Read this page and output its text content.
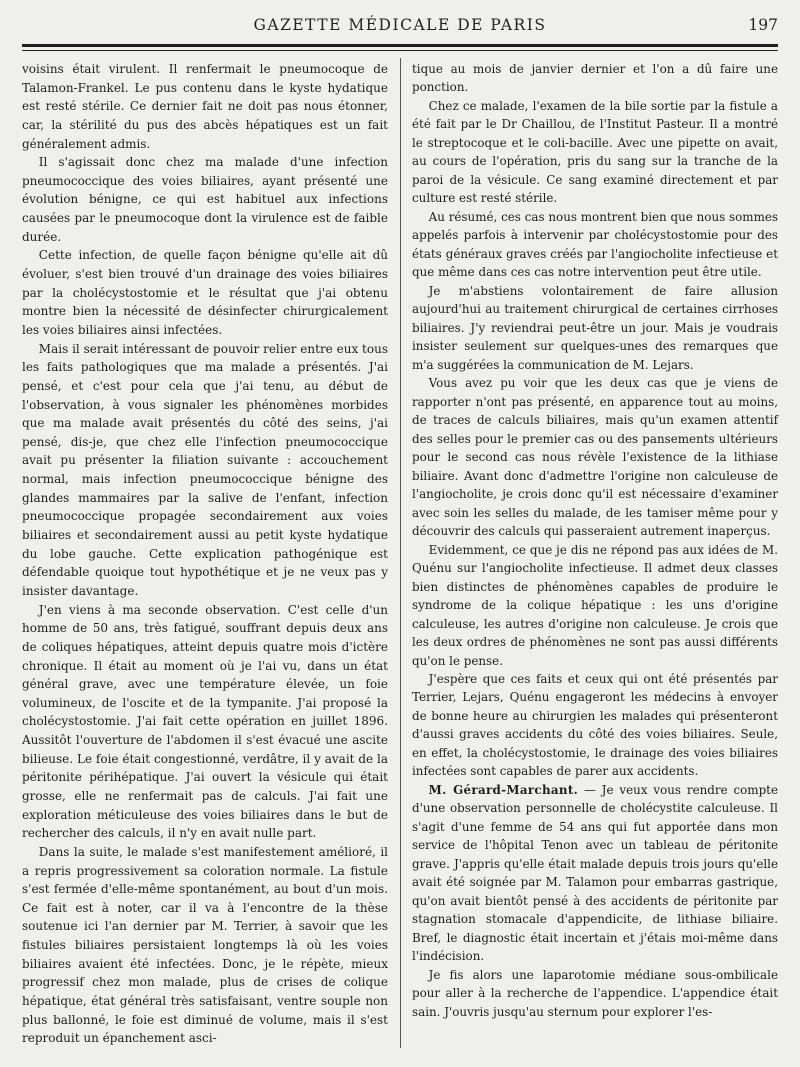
GAZETTE MÉDICALE DE PARIS	197

voisins était virulent. Il renfermait le pneumocoque de Talamon-Frankel. Le pus contenu dans le kyste hydatique est resté stérile. Ce dernier fait ne doit pas nous étonner, car, la stérilité du pus des abcès hépatiques est un fait généralement admis.

Il s'agissait donc chez ma malade d'une infection pneumococcique des voies biliaires, ayant présenté une évolution bénigne, ce qui est habituel aux infections causées par le pneumocoque dont la virulence est de faible durée.

Cette infection, de quelle façon bénigne qu'elle ait dû évoluer, s'est bien trouvé d'un drainage des voies biliaires par la cholécystostomie et le résultat que j'ai obtenu montre bien la nécessité de désinfecter chirurgicalement les voies biliaires ainsi infectées.

Mais il serait intéressant de pouvoir relier entre eux tous les faits pathologiques que ma malade a présentés. J'ai pensé, et c'est pour cela que j'ai tenu, au début de l'observation, à vous signaler les phénomènes morbides que ma malade avait présentés du côté des seins, j'ai pensé, dis-je, que chez elle l'infection pneumococcique avait pu présenter la filiation suivante : accouchement normal, mais infection pneumococcique bénigne des glandes mammaires par la salive de l'enfant, infection pneumococcique propagée secondairement aux voies biliaires et secondairement aussi au petit kyste hydatique du lobe gauche. Cette explication pathogénique est défendable quoique tout hypothétique et je ne veux pas y insister davantage.

J'en viens à ma seconde observation. C'est celle d'un homme de 50 ans, très fatigué, souffrant depuis deux ans de coliques hépatiques, atteint depuis quatre mois d'ictère chronique. Il était au moment où je l'ai vu, dans un état général grave, avec une température élevée, un foie volumineux, de l'oscite et de la tympanite. J'ai proposé la cholécystostomie. J'ai fait cette opération en juillet 1896. Aussitôt l'ouverture de l'abdomen il s'est évacué une ascite bilieuse. Le foie était congestionné, verdâtre, il y avait de la péritonite périhépatique. J'ai ouvert la vésicule qui était grosse, elle ne renfermait pas de calculs. J'ai fait une exploration méticuleuse des voies biliaires dans le but de rechercher des calculs, il n'y en avait nulle part.

Dans la suite, le malade s'est manifestement amélioré, il a repris progressivement sa coloration normale. La fistule s'est fermée d'elle-même spontanément, au bout d'un mois. Ce fait est à noter, car il va à l'encontre de la thèse soutenue ici l'an dernier par M. Terrier, à savoir que les fistules biliaires persistaient longtemps là où les voies biliaires avaient été infectées. Donc, je le répète, mieux progressif chez mon malade, plus de crises de colique hépatique, état général très satisfaisant, ventre souple non plus ballonné, le foie est diminué de volume, mais il s'est reproduit un épanchement asci-

tique au mois de janvier dernier et l'on a dû faire une ponction.

Chez ce malade, l'examen de la bile sortie par la fistule a été fait par le Dr Chaillou, de l'Institut Pasteur. Il a montré le streptocoque et le coli-bacille. Avec une pipette on avait, au cours de l'opération, pris du sang sur la tranche de la paroi de la vésicule. Ce sang examiné directement et par culture est resté stérile.

Au résumé, ces cas nous montrent bien que nous sommes appelés parfois à intervenir par cholécystostomie pour des états généraux graves créés par l'angiocholite infectieuse et que même dans ces cas notre intervention peut être utile.

Je m'abstiens volontairement de faire allusion aujourd'hui au traitement chirurgical de certaines cirrhoses biliaires. J'y reviendrai peut-être un jour. Mais je voudrais insister seulement sur quelques-unes des remarques que m'a suggérées la communication de M. Lejars.

Vous avez pu voir que les deux cas que je viens de rapporter n'ont pas présenté, en apparence tout au moins, de traces de calculs biliaires, mais qu'un examen attentif des selles pour le premier cas ou des pansements ultérieurs pour le second cas nous révèle l'existence de la lithiase biliaire. Avant donc d'admettre l'origine non calculeuse de l'angiocholite, je crois donc qu'il est nécessaire d'examiner avec soin les selles du malade, de les tamiser même pour y découvrir des calculs qui passeraient autrement inaperçus.

Evidemment, ce que je dis ne répond pas aux idées de M. Quénu sur l'angiocholite infectieuse. Il admet deux classes bien distinctes de phénomènes capables de produire le syndrome de la colique hépatique : les uns d'origine calculeuse, les autres d'origine non calculeuse. Je crois que les deux ordres de phénomènes ne sont pas aussi différents qu'on le pense.

J'espère que ces faits et ceux qui ont été présentés par Terrier, Lejars, Quénu engageront les médecins à envoyer de bonne heure au chirurgien les malades qui présenteront d'aussi graves accidents du côté des voies biliaires. Seule, en effet, la cholécystostomie, le drainage des voies biliaires infectées sont capables de parer aux accidents.

M. Gérard-Marchant. — Je veux vous rendre compte d'une observation personnelle de cholécystite calculeuse. Il s'agit d'une femme de 54 ans qui fut apportée dans mon service de l'hôpital Tenon avec un tableau de péritonite grave. J'appris qu'elle était malade depuis trois jours qu'elle avait été soignée par M. Talamon pour embarras gastrique, qu'on avait bientôt pensé à des accidents de péritonite par stagnation stomacale d'appendicite, de lithiase biliaire. Bref, le diagnostic était incertain et j'étais moi-même dans l'indécision.

Je fis alors une laparotomie médiane sous-ombilicale pour aller à la recherche de l'appendice. L'appendice était sain. J'ouvris jusqu'au sternum pour explorer l'es-
